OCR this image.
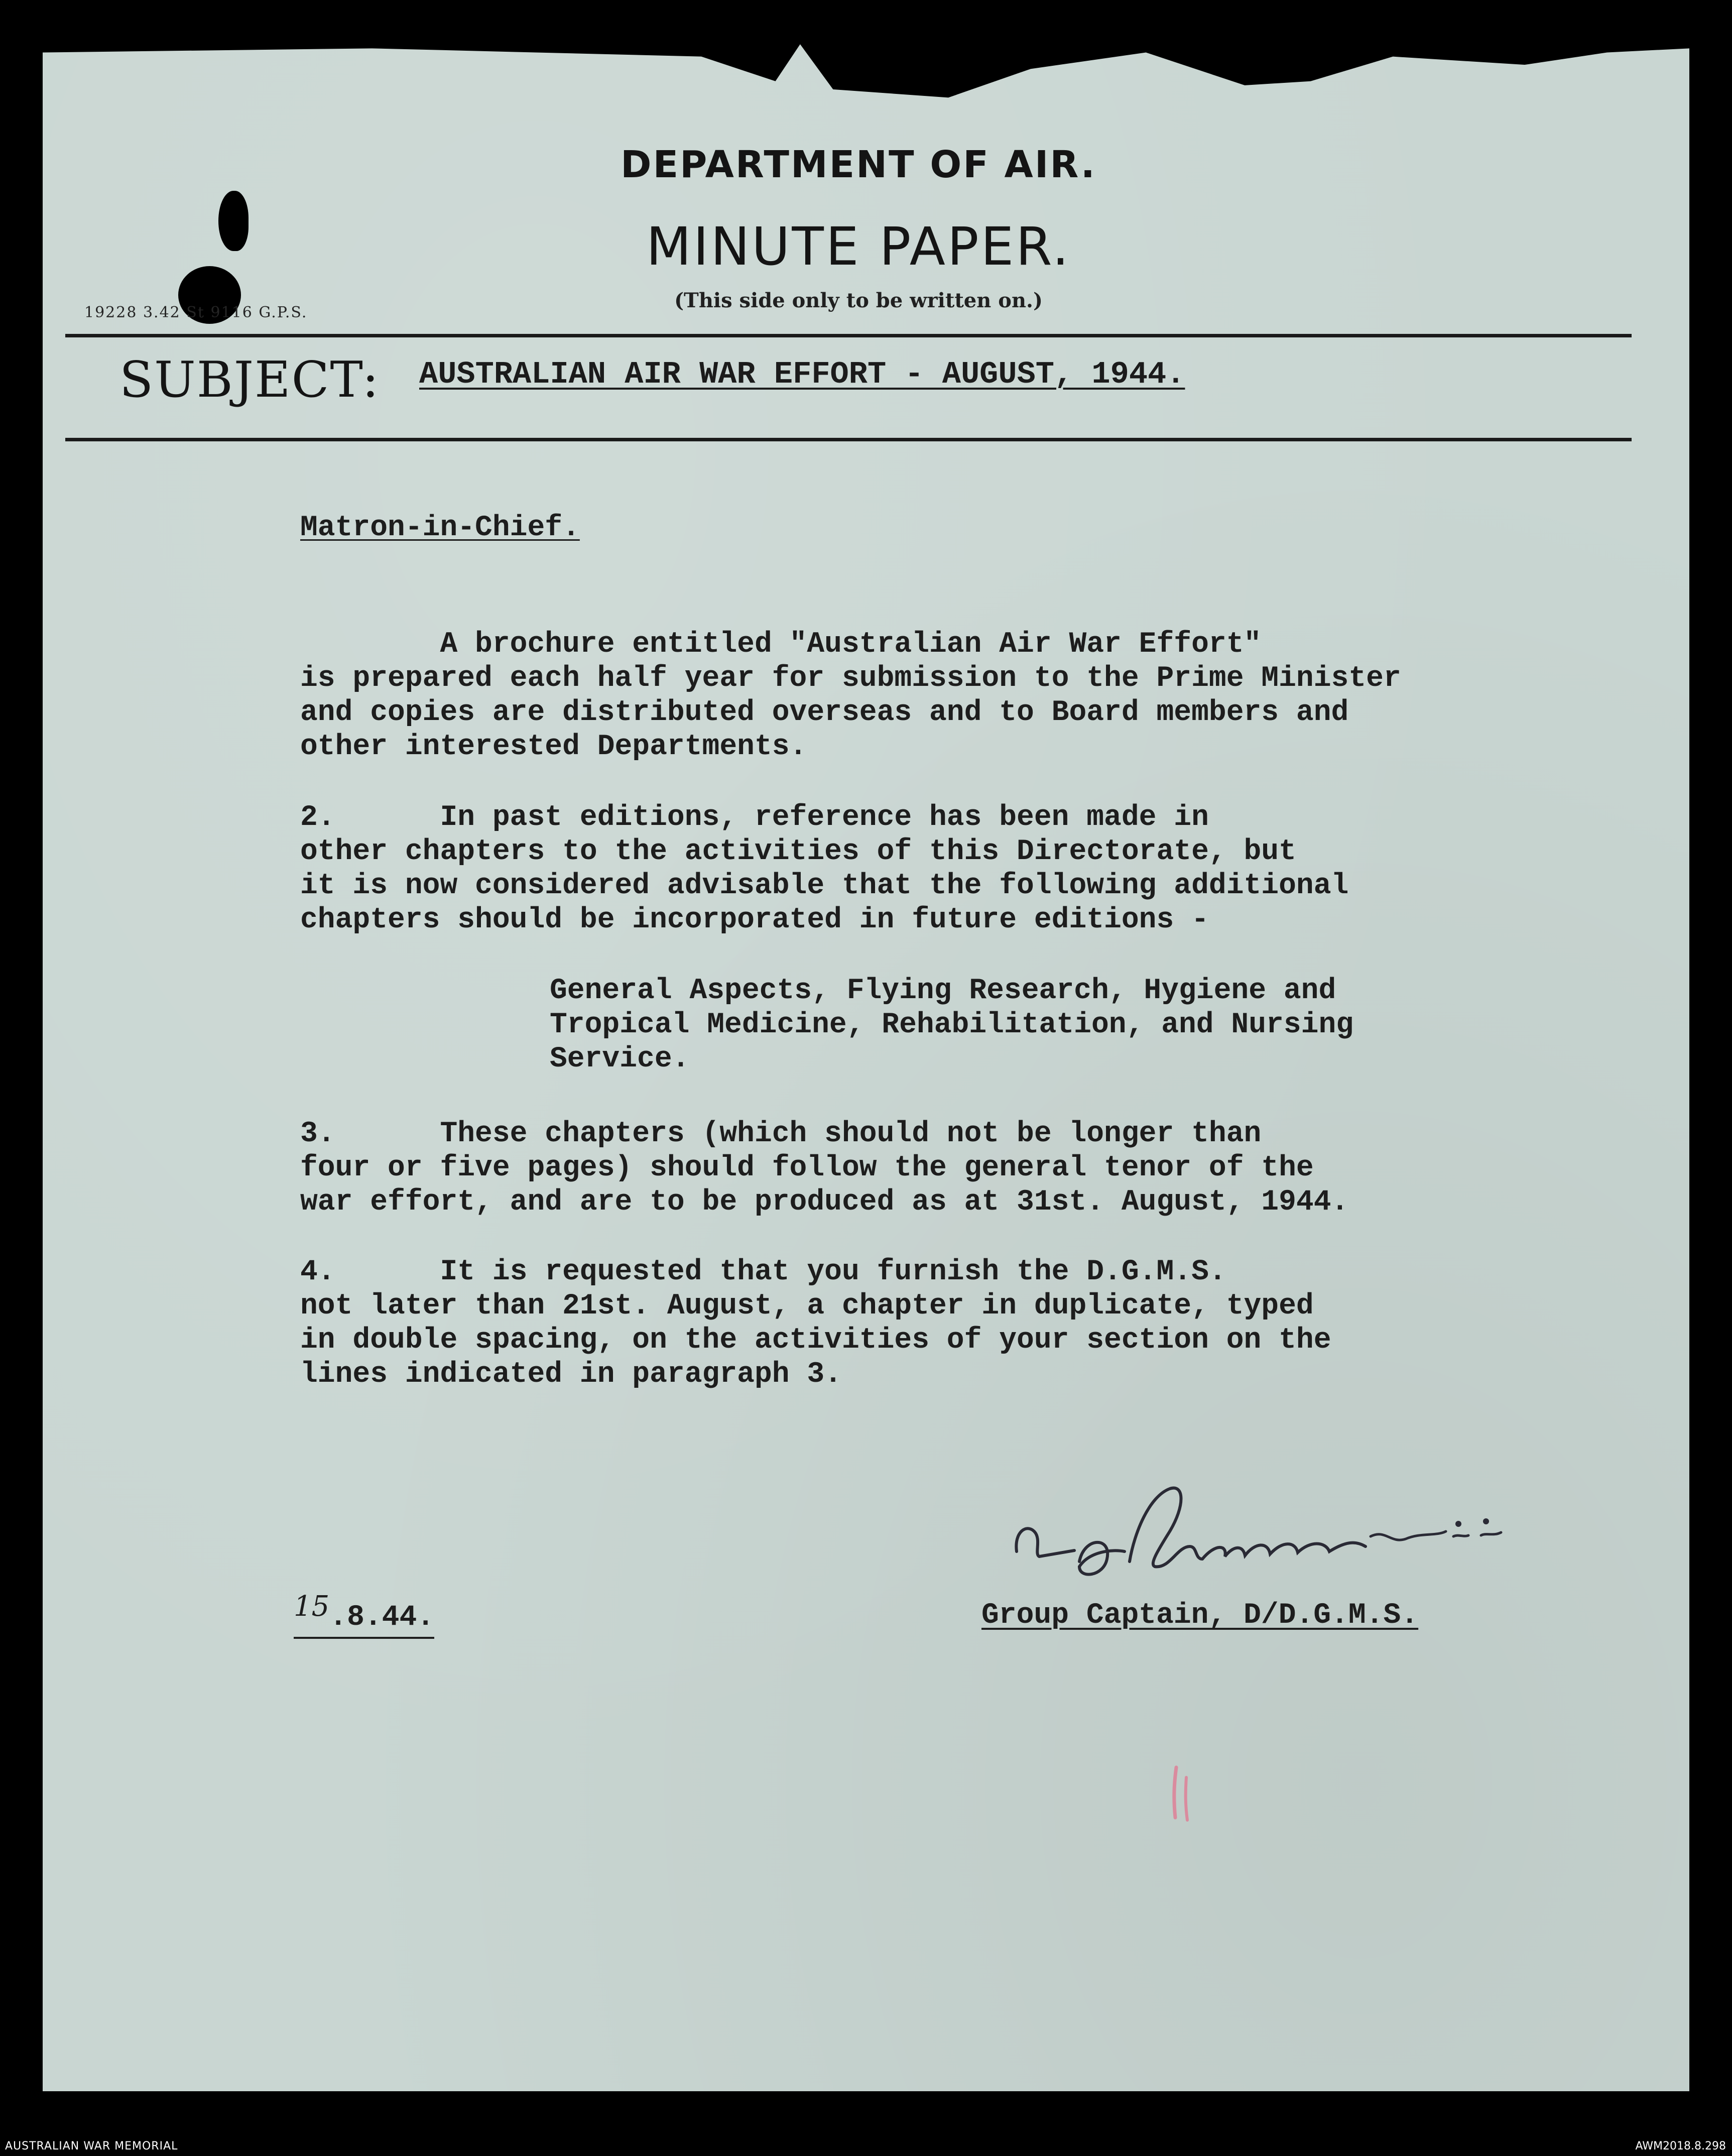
DEPARTMENT OF AIR.
MINUTE PAPER.
(This side only to be written on.)
19228 3.42 St 9116 G.P.S.
SUBJECT: AUSTRALIAN AIR WAR EFFORT - AUGUST, 1944.
Matron-in-Chief.
A brochure entitled "Australian Air War Effort"
is prepared each half year for submission to the Prime Minister
and copies are distributed overseas and to Board members and
other interested Departments.
2.      In past editions, reference has been made in
other chapters to the activities of this Directorate, but
it is now considered advisable that the following additional
chapters should be incorporated in future editions -
General Aspects, Flying Research, Hygiene and
Tropical Medicine, Rehabilitation, and Nursing
Service.
3.      These chapters (which should not be longer than
four or five pages) should follow the general tenor of the
war effort, and are to be produced as at 31st. August, 1944.
4.      It is requested that you furnish the D.G.M.S.
not later than 21st. August, a chapter in duplicate, typed
in double spacing, on the activities of your section on the
lines indicated in paragraph 3.
15.8.44.	Group Captain, D/D.G.M.S.
AUSTRALIAN WAR MEMORIAL	AWM2018.8.298
